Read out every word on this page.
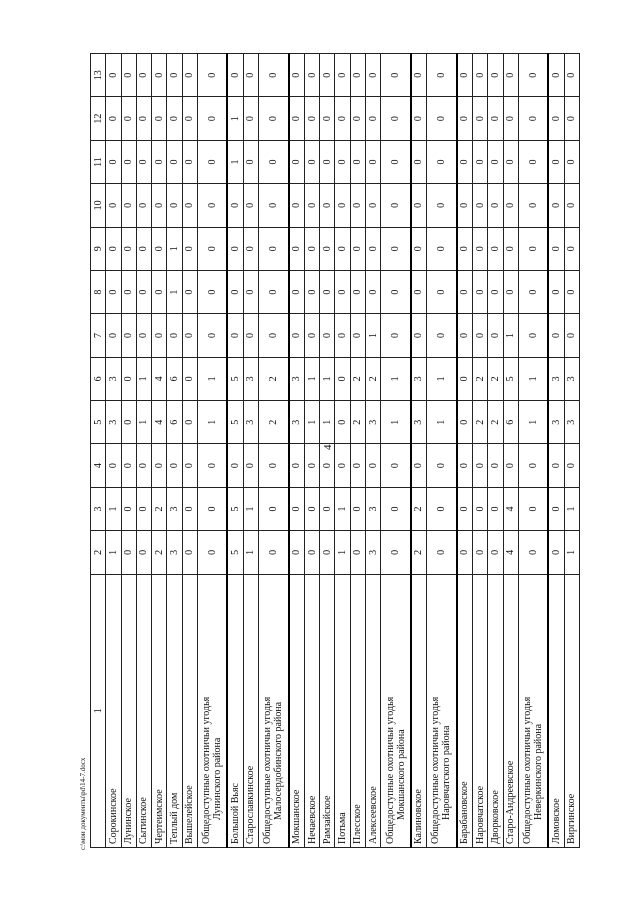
4
c:\мои документы\pd\14-7.docx
1	2	3	4	5	6	7	8	9	10	11	12	13

Сорокинское	1	1	0	3	3	0	0	0	0	0	0	0

Лунинское	0	0	0	0	0	0	0	0	0	0	0	0

Сытинское	0	0	0	1	1	0	0	0	0	0	0	0

Чертеимское	2	2	0	4	4	0	0	0	0	0	0	0

Теплый дом	3	3	0	6	6	0	1	1	0	0	0	0

Вышелейское	0	0	0	0	0	0	0	0	0	0	0	0

Общедоступные охотничьи угодья Лунинского района	0	0	0	1	1	0	0	0	0	0	0	0

Большой Вьяс	5	5	0	5	5	0	0	0	0	1	1	0

Старославкинское	1	1	0	3	3	0	0	0	0	0	0	0

Общедоступные охотничьи угодья Малосердобинского района	0	0	0	2	2	0	0	0	0	0	0	0

Мокшанское	0	0	0	3	3	0	0	0	0	0	0	0

Нечаевское	0	0	0	1	1	0	0	0	0	0	0	0

Рамзайское	0	0	0	1	1	0	0	0	0	0	0	0

Потьма	1	1	0	0	0	0	0	0	0	0	0	0

Плесское	0	0	0	2	2	0	0	0	0	0	0	0

Алексеевское	3	3	0	3	2	1	0	0	0	0	0	0

Общедоступные охотничьи угодья Мокшанского района	0	0	0	1	1	0	0	0	0	0	0	0

Калиновское	2	2	0	3	3	0	0	0	0	0	0	0

Общедоступные охотничьи угодья Наровчатского района	0	0	0	1	1	0	0	0	0	0	0	0

Барабановское	0	0	0	0	0	0	0	0	0	0	0	0

Наровчатское	0	0	0	2	2	0	0	0	0	0	0	0

Дворковское	0	0	0	2	2	0	0	0	0	0	0	0

Старо-Андреевское	4	4	0	6	5	1	0	0	0	0	0	0

Общедоступные охотничьи угодья Неверкинского района	0	0	0	1	1	0	0	0	0	0	0	0

Ломовское	0	0	0	3	3	0	0	0	0	0	0	0

Виргинское	1	1	0	3	3	0	0	0	0	0	0	0
